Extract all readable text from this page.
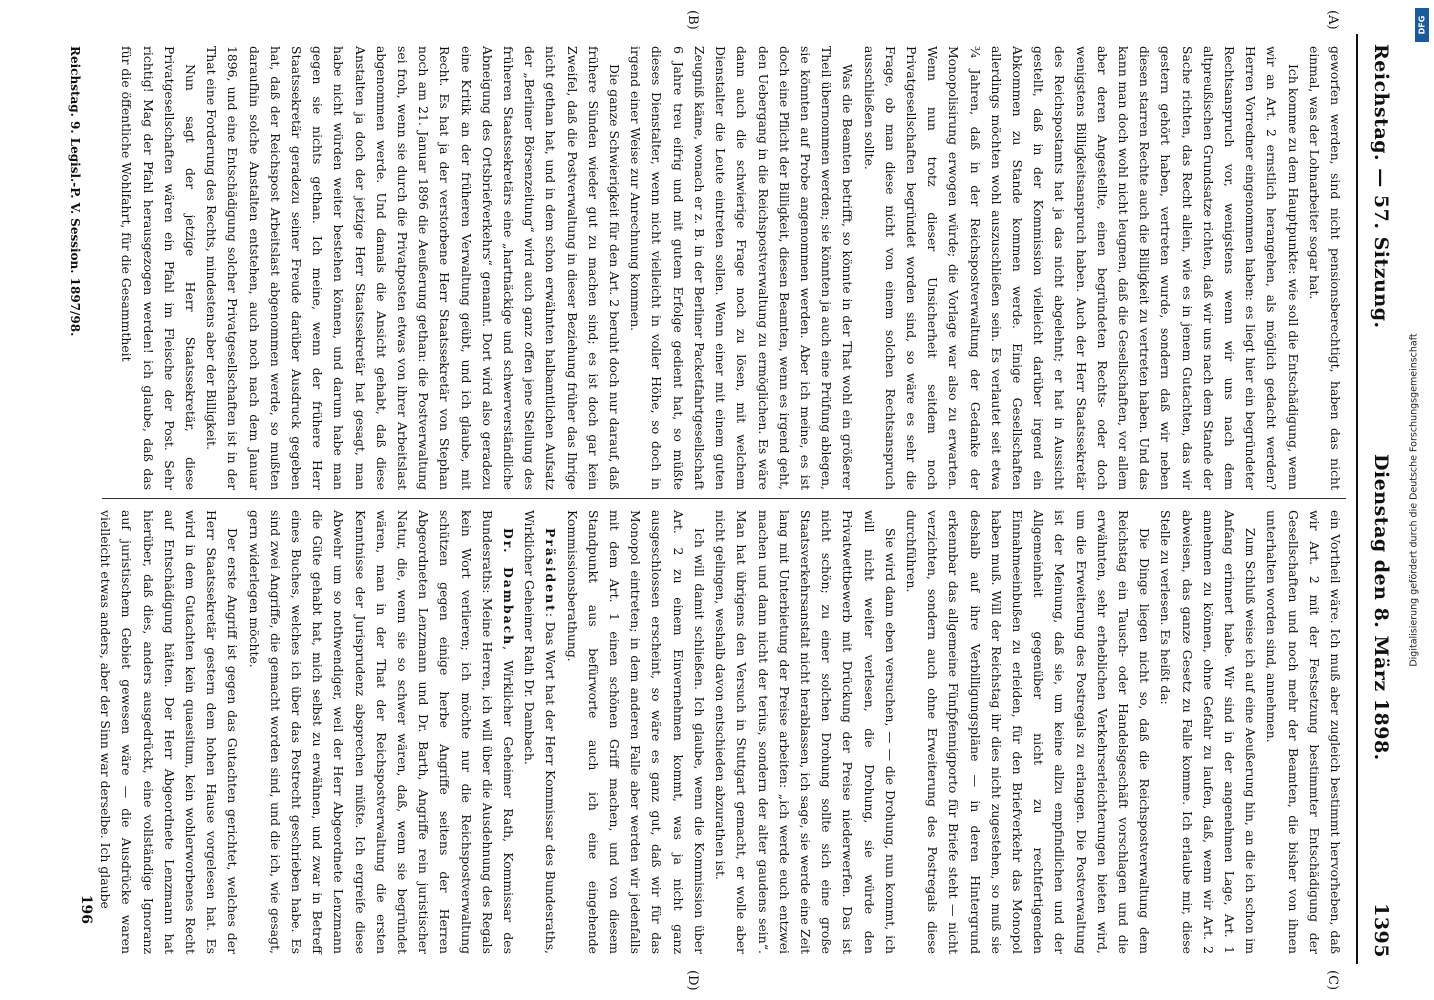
Reichstag. — 57. Sitzung.
Dienstag den 8. März 1898.
1395
(A)
(B)
(C)
(D)

geworfen werden, sind nicht pensionsberechtigt, haben das nicht einmal, was der Lohnarbeiter sogar hat.

Ich komme zu dem Hauptpunkte: wie soll die Entschädigung, wenn wir an Art. 2 ernstlich herangehen, als möglich gedacht werden? Herren Vorredner eingenommen haben: es liegt hier ein begründeter Rechtsanspruch vor, wenigstens wenn wir uns nach dem altpreußischen Grundsatze richten, daß wir uns nach dem Stande der Sache richten, das Recht allein, wie es in jenem Gutachten, das wir gestern gehört haben, vertreten wurde, sondern daß wir neben diesen starren Rechte auch die Billigkeit zu vertreten haben. Und das kann man doch wohl nicht leugnen, daß die Gesellschaften, vor allem aber deren Angestellte, einen begründeten Rechts- oder doch wenigstens Billigkeitsanspruch haben. Auch der Herr Staatssekretär des Reichspostamts hat ja das nicht abgelehnt; er hat in Aussicht gestellt, daß in der Kommission vielleicht darüber irgend ein Abkommen zu Stande kommen werde. Einige Gesellschaften allerdings möchten wohl auszuschließen sein. Es verlautet seit etwa ¾ Jahren, daß in der Reichspostverwaltung der Gedanke der Monopolisirung erwogen würde; die Vorlage war also zu erwarten. Wenn nun trotz dieser Unsicherheit seitdem noch Privatgesellschaften begründet worden sind, so wäre es sehr die Frage, ob man diese nicht von einem solchen Rechtsanspruch ausschließen sollte.

Was die Beamten betrifft, so könnte in der That wohl ein größerer Theil übernommen werden; sie könnten ja auch eine Prüfung ablegen, sie könnten auf Probe angenommen werden. Aber ich meine, es ist doch eine Pflicht der Billigkeit, diesen Beamten, wenn es irgend geht, den Uebergang in die Reichspostverwaltung zu ermöglichen. Es wäre dann auch die schwierige Frage noch zu lösen, mit welchem Dienstalter die Leute eintreten sollen. Wenn einer mit einem guten Zeugniß käme, wonach er z. B. in der Berliner Packetfahrtgesellschaft 6 Jahre treu eifrig und mit gutem Erfolge gedient hat, so müßte dieses Dienstalter, wenn nicht vielleicht in voller Höhe, so doch in irgend einer Weise zur Anrechnung kommen.

Die ganze Schwierigkeit für den Art. 2 beruht doch nur darauf, daß frühere Sünden wieder gut zu machen sind; es ist doch gar kein Zweifel, daß die Postverwaltung in dieser Beziehung früher das Ihrige nicht gethan hat, und in dem schon erwähnten halbamtlichen Aufsatz der „Berliner Börsenzeitung“ wird auch ganz offen jene Stellung des früheren Staatssekretärs eine „hartnäckige und schwerverständliche Abneigung des Ortsbriefverkehrs“ genannt. Dort wird also geradezu eine Kritik an der früheren Verwaltung geübt, und ich glaube, mit Recht. Es hat ja der verstorbene Herr Staatssekretär von Stephan noch am 21. Januar 1896 die Aeußerung gethan: die Postverwaltung sei froh, wenn sie durch die Privatposten etwas von ihrer Arbeitslast abgenommen werde. Und damals die Ansicht gehabt, daß diese Anstalten ja doch der jetzige Herr Staatssekretär hat gesagt, man habe nicht würden weiter bestehen können, und darum habe man gegen sie nichts gethan. Ich meine, wenn der frühere Herr Staatssekretär geradezu seiner Freude darüber Ausdruck gegeben hat, daß der Reichspost Arbeitslast abgenommen werde, so mußten daraufhin solche Anstalten entstehen, auch noch nach dem Januar 1896, und eine Entschädigung solcher Privatgesellschaften ist in der That eine Forderung des Rechts, mindestens aber der Billigkeit.

Nun sagt der jetzige Herr Staatssekretär, diese Privatgesellschaften wären ein Pfahl im Fleische der Post. Sehr richtig! Mag der Pfahl herausgezogen werden! ich glaube, daß das für die öffentliche Wohlfahrt, für die Gesammtheit

ein Vortheil wäre. Ich muß aber zugleich bestimmt hervorheben, daß wir Art. 2 mit der Festsetzung bestimmter Entschädigung der Gesellschaften und noch mehr der Beamten, die bisher von ihnen unterhalten worden sind, annehmen.

Zum Schluß weise ich auf eine Aeußerung hin, an die ich schon im Anfang erinnert habe. Wir sind in der angenehmen Lage, Art. 1 annehmen zu können, ohne Gefahr zu laufen, daß, wenn wir Art. 2 abweisen, das ganze Gesetz zu Falle komme. Ich erlaube mir, diese Stelle zu verlesen. Es heißt da:

Die Dinge liegen nicht so, daß die Reichspostverwaltung dem Reichstag ein Tausch- oder Handelsgeschäft vorschlagen und die erwähnten, sehr erheblichen Verkehrserleichterungen bieten wird, um die Erweiterung des Postregals zu erlangen. Die Postverwaltung ist der Meinung, daß sie, um keine allzu empfindlichen und der Allgemeinheit gegenüber nicht zu rechtfertigenden Einnahmeeinbußen zu erleiden, für den Briefverkehr das Monopol haben muß. Will der Reichstag ihr dies nicht zugestehen, so muß sie deshalb auf ihre Verbilligungspläne — in deren Hintergrund erkennbar das allgemeine Fünfpfennigporto für Briefe steht — nicht verzichten, sondern auch ohne Erweiterung des Postregals diese durchführen.

Sie wird dann eben versuchen, — — die Drohung, nun kommt, ich will nicht weiter verlesen, die Drohung, sie würde den Privatwettbewerb mit Drückung der Preise niederwerfen. Das ist nicht schön; zu einer solchen Drohung sollte sich eine große Staatsverkehrsanstalt nicht herablassen, ich sage, sie werde eine Zeit lang mit Unterbietung der Preise arbeiten: „ich werde euch entzwei machen und dann nicht der terius, sondern der alter gaudens sein“. Man hat übrigens den Versuch in Stuttgart gemacht, er wolle aber nicht gelingen, weshalb davon entschieden abzurathen ist.

Ich will damit schließen. Ich glaube, wenn die Kommission über Art. 2 zu einem Einvernehmen kommt, was ja nicht ganz ausgeschlossen erscheint, so wäre es ganz gut, daß wir für das Monopol eintreten; in dem anderen Falle aber werden wir jedenfalls mit dem Art. 1 einen schönen Griff machen, und von diesem Standpunkt aus befürworte auch ich eine eingehende Kommissionsberathung.

Präsident: Das Wort hat der Herr Kommissar des Bundesraths, Wirklicher Geheimer Rath Dr. Dambach.

Dr. Dambach, Wirklicher Geheimer Rath, Kommissar des Bundesraths: Meine Herren, ich will über die Ausdehnung des Regals kein Wort verlieren; ich möchte nur die Reichspostverwaltung schützen gegen einige herbe Angriffe seitens der Herren Abgeordneten Lenzmann und Dr. Barth, Angriffe rein juristischer Natur, die, wenn sie so schwer wären, daß, wenn sie begründet wären, man in der That der Reichspostverwaltung die ersten Kenntnisse der Jurisprudenz absprechen müßte. Ich ergreife diese Abwehr um so nothwendiger, weil der Herr Abgeordnete Lenzmann die Güte gehabt hat, mich selbst zu erwähnen, und zwar in Betreff eines Buches, welches ich über das Postrecht geschrieben habe. Es sind zwei Angriffe, die gemacht worden sind, und die ich, wie gesagt, gern widerlegen möchte.

Der erste Angriff ist gegen das Gutachten gerichtet, welches der Herr Staatssekretär gestern dem hohen Hause vorgelesen hat. Es wird in dem Gutachten kein quaesitum, kein wohlerworbenes Recht auf Entschädigung hätten. Der Herr Abgeordnete Lenzmann hat hierüber, daß dies, anders ausgedrückt, eine vollständige Ignoranz auf juristischem Gebiet gewesen wäre — die Ausdrücke waren vielleicht etwas anders, aber der Sinn war derselbe. Ich glaube

196
Reichstag. 9. Legisl.-P. V. Session. 1897/98.
Digitalisierung gefördert durch die Deutsche Forschungsgemeinschaft
DFG
